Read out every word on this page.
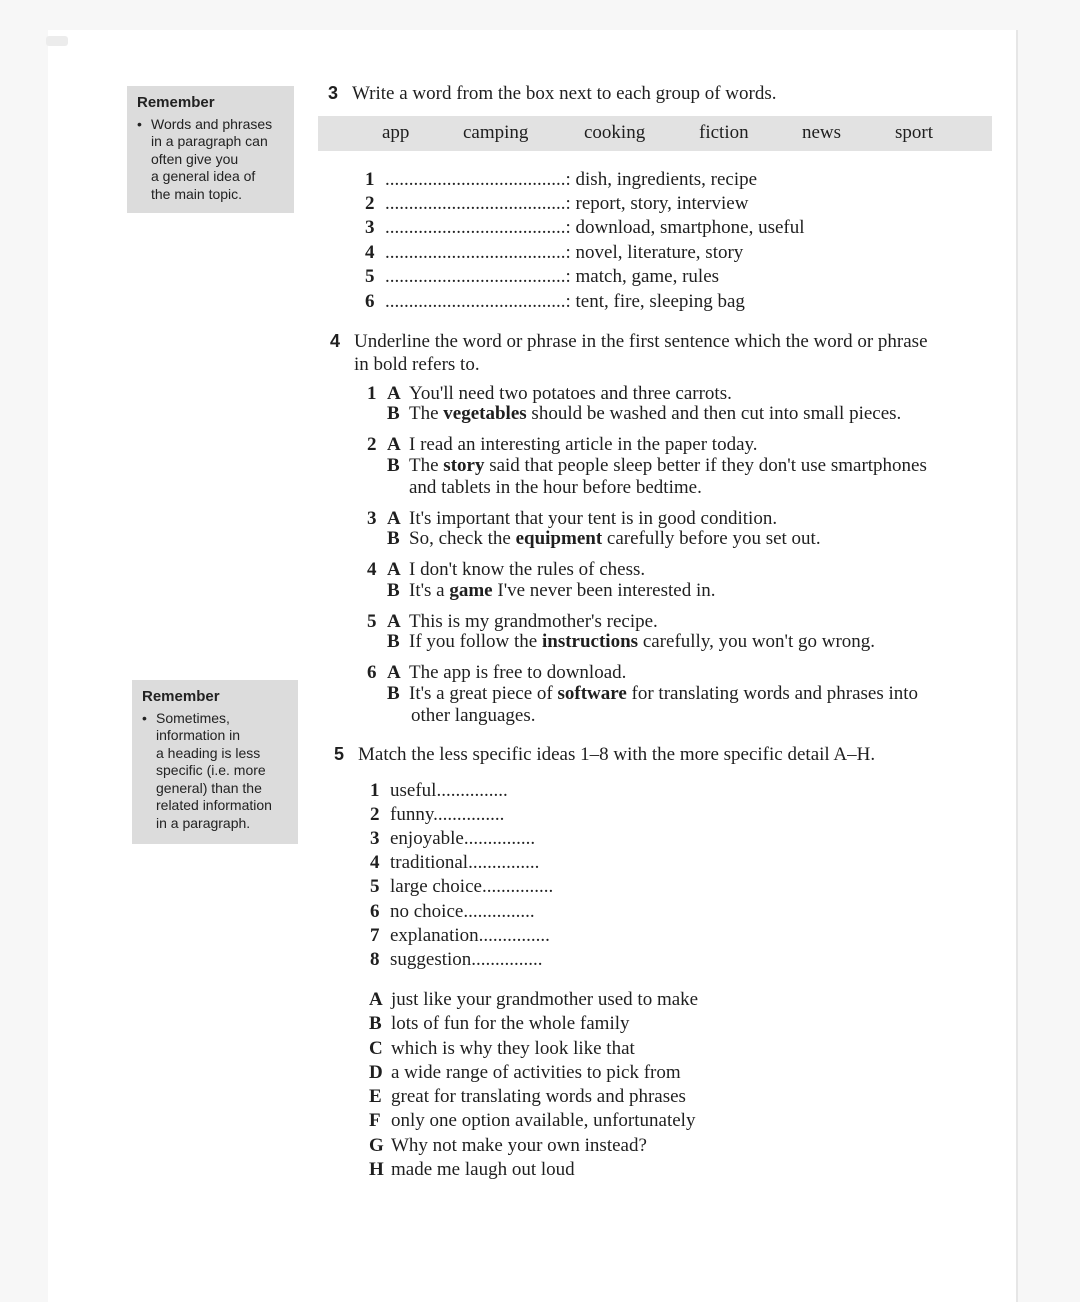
Remember
• Words and phrases
in a paragraph can
often give you
a general idea of
the main topic.
Remember
• Sometimes,
information in
a heading is less
specific (i.e. more
general) than the
related information
in a paragraph.
3 Write a word from the box next to each group of words.
app	camping	cooking	fiction	news	sport
1 ......................................: dish, ingredients, recipe
2 ......................................: report, story, interview
3 ......................................: download, smartphone, useful
4 ......................................: novel, literature, story
5 ......................................: match, game, rules
6 ......................................: tent, fire, sleeping bag
4 Underline the word or phrase in the first sentence which the word or phrase
in bold refers to.
1 A You'll need two potatoes and three carrots.
B The vegetables should be washed and then cut into small pieces.
2 A I read an interesting article in the paper today.
B The story said that people sleep better if they don't use smartphones
and tablets in the hour before bedtime.
3 A It's important that your tent is in good condition.
B So, check the equipment carefully before you set out.
4 A I don't know the rules of chess.
B It's a game I've never been interested in.
5 A This is my grandmother's recipe.
B If you follow the instructions carefully, you won't go wrong.
6 A The app is free to download.
B It's a great piece of software for translating words and phrases into
other languages.
5 Match the less specific ideas 1–8 with the more specific detail A–H.
1 useful...............
2 funny...............
3 enjoyable...............
4 traditional...............
5 large choice...............
6 no choice...............
7 explanation...............
8 suggestion...............
A just like your grandmother used to make
B lots of fun for the whole family
C which is why they look like that
D a wide range of activities to pick from
E great for translating words and phrases
F only one option available, unfortunately
G Why not make your own instead?
H made me laugh out loud
